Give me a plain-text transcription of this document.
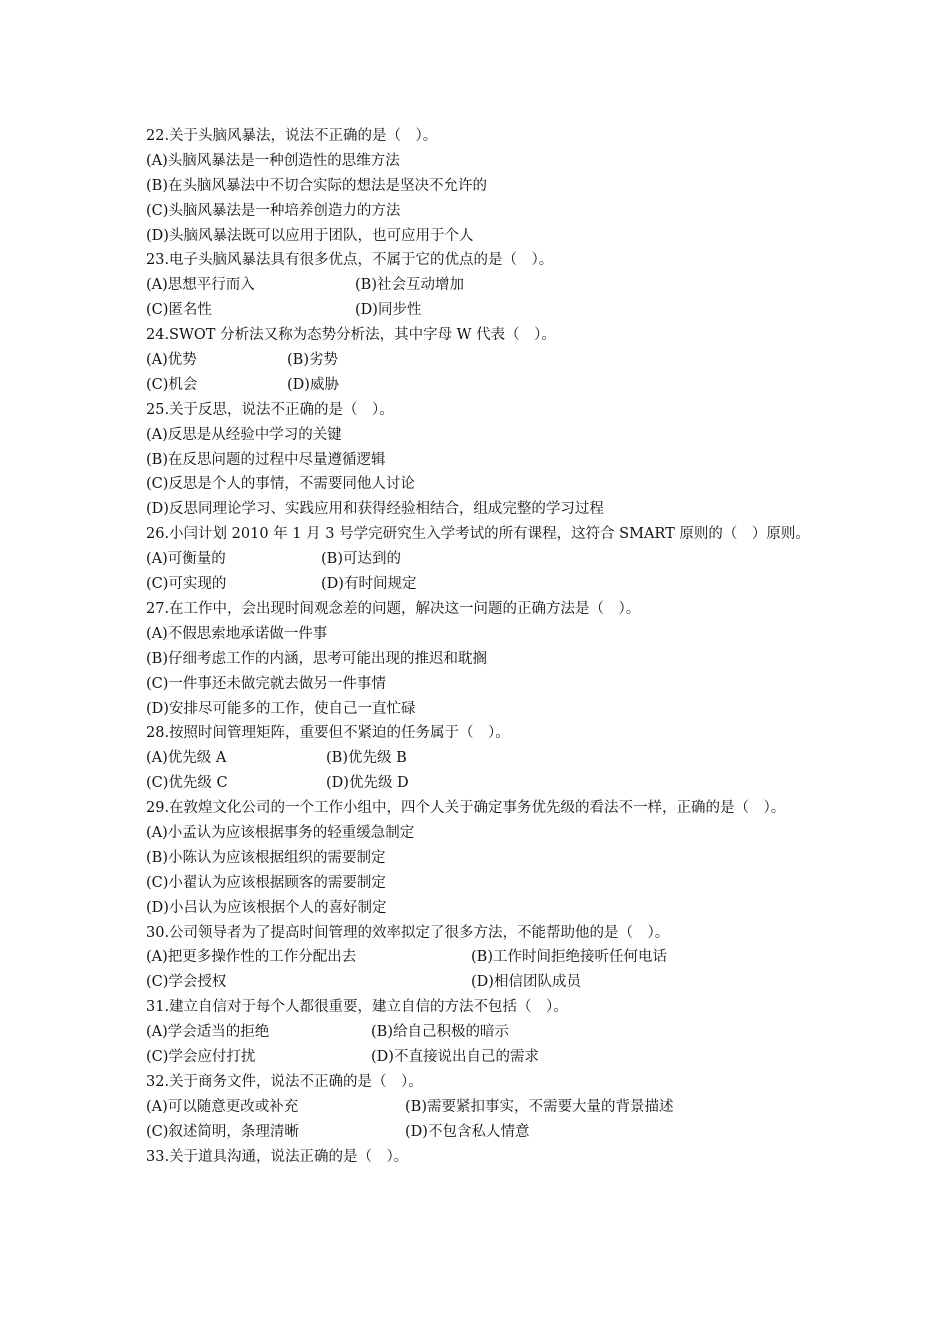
22.关于头脑风暴法，说法不正确的是（　）。
(A)头脑风暴法是一种创造性的思维方法
(B)在头脑风暴法中不切合实际的想法是坚决不允许的
(C)头脑风暴法是一种培养创造力的方法
(D)头脑风暴法既可以应用于团队，也可应用于个人
23.电子头脑风暴法具有很多优点，不属于它的优点的是（　）。
(A)思想平行而入	(B)社会互动增加
(C)匿名性	(D)同步性
24.SWOT 分析法又称为态势分析法，其中字母 W 代表（　）。
(A)优势	(B)劣势
(C)机会	(D)威胁
25.关于反思，说法不正确的是（　）。
(A)反思是从经验中学习的关键
(B)在反思问题的过程中尽量遵循逻辑
(C)反思是个人的事情，不需要同他人讨论
(D)反思同理论学习、实践应用和获得经验相结合，组成完整的学习过程
26.小闫计划 2010 年 1 月 3 号学完研究生入学考试的所有课程，这符合 SMART 原则的（　）原则。
(A)可衡量的	(B)可达到的
(C)可实现的	(D)有时间规定
27.在工作中，会出现时间观念差的问题，解决这一问题的正确方法是（　）。
(A)不假思索地承诺做一件事
(B)仔细考虑工作的内涵，思考可能出现的推迟和耽搁
(C)一件事还未做完就去做另一件事情
(D)安排尽可能多的工作，使自己一直忙碌
28.按照时间管理矩阵，重要但不紧迫的任务属于（　）。
(A)优先级 A	(B)优先级 B
(C)优先级 C	(D)优先级 D
29.在敦煌文化公司的一个工作小组中，四个人关于确定事务优先级的看法不一样，正确的是（　）。
(A)小孟认为应该根据事务的轻重缓急制定
(B)小陈认为应该根据组织的需要制定
(C)小翟认为应该根据顾客的需要制定
(D)小吕认为应该根据个人的喜好制定
30.公司领导者为了提高时间管理的效率拟定了很多方法，不能帮助他的是（　）。
(A)把更多操作性的工作分配出去	(B)工作时间拒绝接听任何电话
(C)学会授权	(D)相信团队成员
31.建立自信对于每个人都很重要，建立自信的方法不包括（　）。
(A)学会适当的拒绝	(B)给自己积极的暗示
(C)学会应付打扰	(D)不直接说出自己的需求
32.关于商务文件，说法不正确的是（　）。
(A)可以随意更改或补充	(B)需要紧扣事实，不需要大量的背景描述
(C)叙述简明，条理清晰	(D)不包含私人情意
33.关于道具沟通，说法正确的是（　）。
